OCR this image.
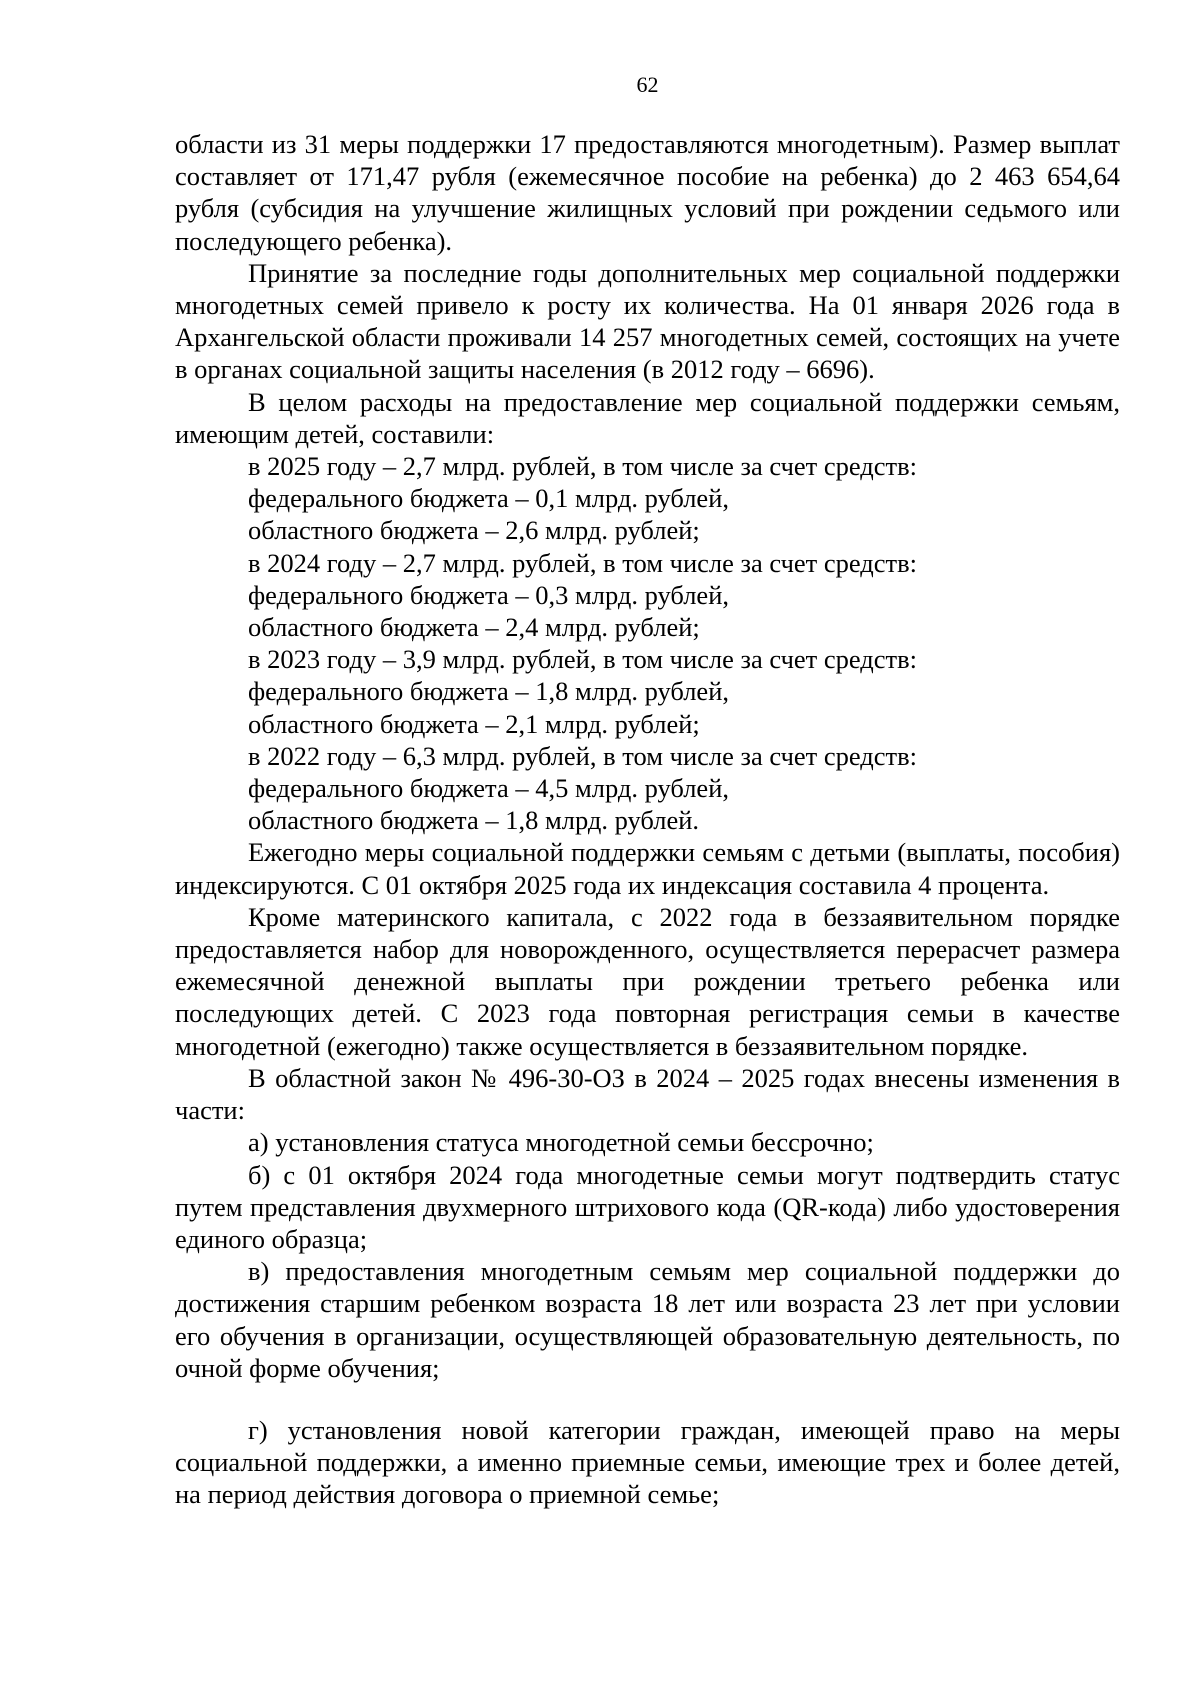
62

области из 31 меры поддержки 17 предоставляются многодетным). Размер выплат составляет от 171,47 рубля (ежемесячное пособие на ребенка) до 2 463 654,64 рубля (субсидия на улучшение жилищных условий при рождении седьмого или последующего ребенка).

Принятие за последние годы дополнительных мер социальной поддержки многодетных семей привело к росту их количества. На 01 января 2026 года в Архангельской области проживали 14 257 многодетных семей, состоящих на учете в органах социальной защиты населения (в 2012 году – 6696).

В целом расходы на предоставление мер социальной поддержки семьям, имеющим детей, составили:

в 2025 году – 2,7 млрд. рублей, в том числе за счет средств:

федерального бюджета – 0,1 млрд. рублей,

областного бюджета – 2,6 млрд. рублей;

в 2024 году – 2,7 млрд. рублей, в том числе за счет средств:

федерального бюджета – 0,3 млрд. рублей,

областного бюджета – 2,4 млрд. рублей;

в 2023 году – 3,9 млрд. рублей, в том числе за счет средств:

федерального бюджета – 1,8 млрд. рублей,

областного бюджета – 2,1 млрд. рублей;

в 2022 году – 6,3 млрд. рублей, в том числе за счет средств:

федерального бюджета – 4,5 млрд. рублей,

областного бюджета – 1,8 млрд. рублей.

Ежегодно меры социальной поддержки семьям с детьми (выплаты, пособия) индексируются. С 01 октября 2025 года их индексация составила 4 процента.

Кроме материнского капитала, с 2022 года в беззаявительном порядке предоставляется набор для новорожденного, осуществляется перерасчет размера ежемесячной денежной выплаты при рождении третьего ребенка или последующих детей. С 2023 года повторная регистрация семьи в качестве многодетной (ежегодно) также осуществляется в беззаявительном порядке.

В областной закон № 496-30-ОЗ в 2024 – 2025 годах внесены изменения в части:

а) установления статуса многодетной семьи бессрочно;

б) с 01 октября 2024 года многодетные семьи могут подтвердить статус путем представления двухмерного штрихового кода (QR-кода) либо удостоверения единого образца;

в) предоставления многодетным семьям мер социальной поддержки до достижения старшим ребенком возраста 18 лет или возраста 23 лет при условии его обучения в организации, осуществляющей образовательную деятельность, по очной форме обучения;

г) установления новой категории граждан, имеющей право на меры социальной поддержки, а именно приемные семьи, имеющие трех и более детей, на период действия договора о приемной семье;
